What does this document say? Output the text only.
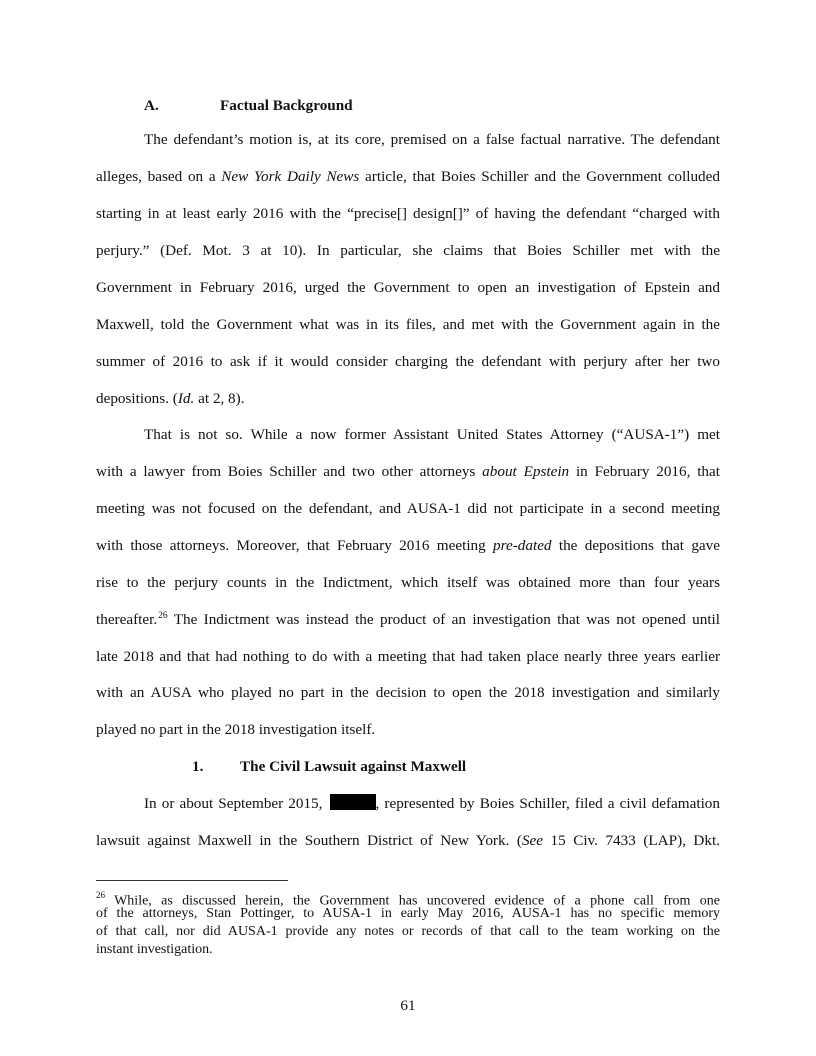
A.	Factual Background
The defendant’s motion is, at its core, premised on a false factual narrative. The defendant
alleges, based on a New York Daily News article, that Boies Schiller and the Government colluded
starting in at least early 2016 with the “precise[] design[]” of having the defendant “charged with
perjury.” (Def. Mot. 3 at 10). In particular, she claims that Boies Schiller met with the
Government in February 2016, urged the Government to open an investigation of Epstein and
Maxwell, told the Government what was in its files, and met with the Government again in the
summer of 2016 to ask if it would consider charging the defendant with perjury after her two
depositions. (Id. at 2, 8).
That is not so. While a now former Assistant United States Attorney (“AUSA-1”) met
with a lawyer from Boies Schiller and two other attorneys about Epstein in February 2016, that
meeting was not focused on the defendant, and AUSA-1 did not participate in a second meeting
with those attorneys. Moreover, that February 2016 meeting pre-dated the depositions that gave
rise to the perjury counts in the Indictment, which itself was obtained more than four years
thereafter.$^{26}$ The Indictment was instead the product of an investigation that was not opened until
late 2018 and that had nothing to do with a meeting that had taken place nearly three years earlier
with an AUSA who played no part in the decision to open the 2018 investigation and similarly
played no part in the 2018 investigation itself.
1. The Civil Lawsuit against Maxwell
In or about September 2015,	, represented by Boies Schiller, filed a civil defamation
lawsuit against Maxwell in the Southern District of New York. (See 15 Civ. 7433 (LAP), Dkt.
$^{26}$ While, as discussed herein, the Government has uncovered evidence of a phone call from one
of the attorneys, Stan Pottinger, to AUSA-1 in early May 2016, AUSA-1 has no specific memory
of that call, nor did AUSA-1 provide any notes or records of that call to the team working on the
instant investigation.
61
